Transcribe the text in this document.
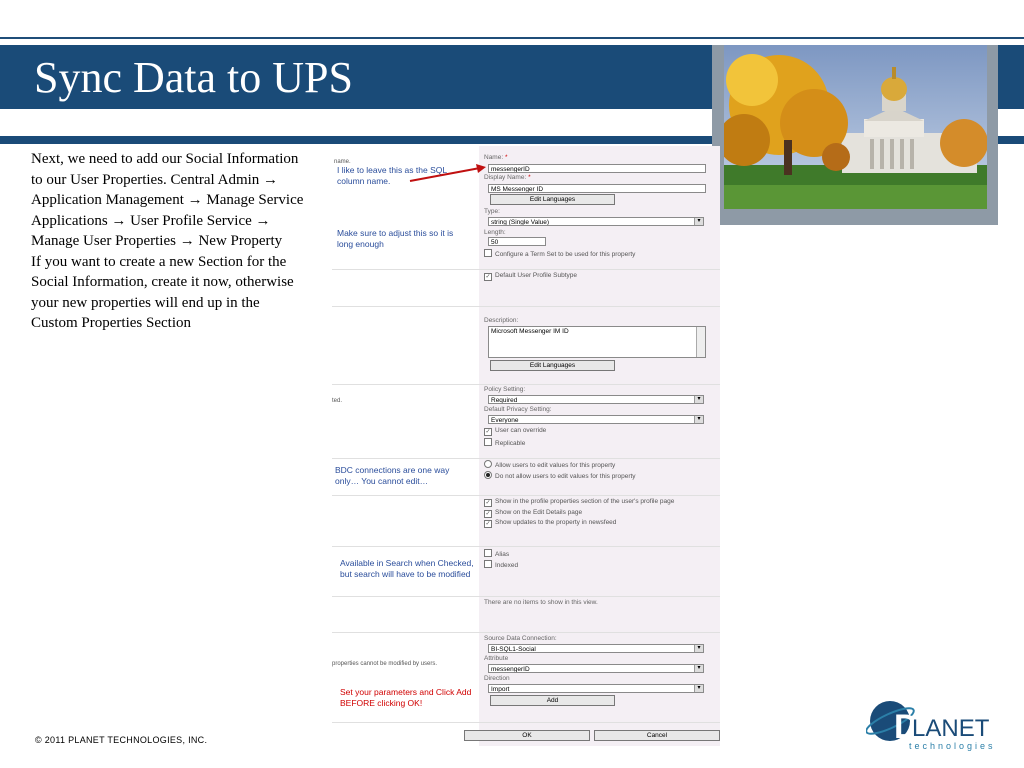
Sync Data to UPS

Next, we need to add our Social Information to our User Properties. Central Admin → Application Management → Manage Service Applications → User Profile Service → Manage User Properties → New Property

If you want to create a new Section for the Social Information, create it now, otherwise your new properties will end up in the Custom Properties Section

name.
I like to leave this as the SQL column name.
Name: *
messengerID
Display Name: *
MS Messenger ID
Edit Languages
Type:
string (Single Value) ▾
Make sure to adjust this so it is long enough
Length:
50
Configure a Term Set to be used for this property
✓ Default User Profile Subtype
Description:
Microsoft Messenger IM ID
Edit Languages
ted.
Policy Setting:
Required ▾
Default Privacy Setting:
Everyone ▾
✓ User can override
Replicable
BDC connections are one way only… You cannot edit…
Allow users to edit values for this property
Do not allow users to edit values for this property
✓ Show in the profile properties section of the user's profile page
✓ Show on the Edit Details page
✓ Show updates to the property in newsfeed
Available in Search when Checked, but search will have to be modified
Alias
Indexed
There are no items to show in this view.
properties cannot be modified by users.
Source Data Connection:
BI-SQL1-Social ▾
Attribute
messengerID ▾
Direction
Import ▾
Set your parameters and Click Add BEFORE clicking OK!	Add
OK	Cancel
© 2011 PLANET TECHNOLOGIES, INC.	D
LANET
technologies
